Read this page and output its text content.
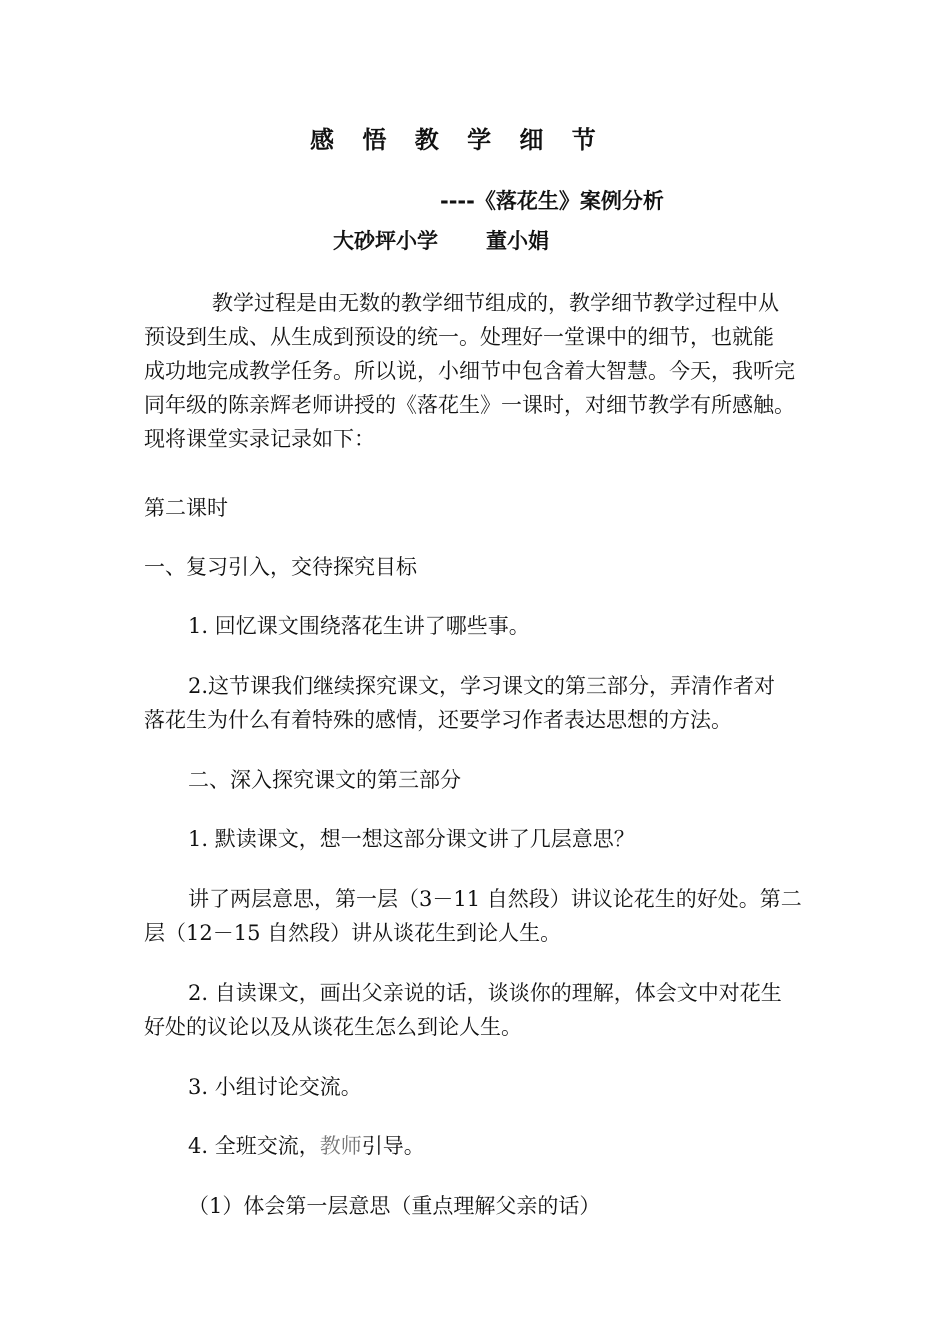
感 悟 教 学 细 节
----《落花生》案例分析
大砂坪小学 董小娟
教学过程是由无数的教学细节组成的，教学细节教学过程中从
预设到生成、从生成到预设的统一。处理好一堂课中的细节，也就能
成功地完成教学任务。所以说，小细节中包含着大智慧。今天，我听完
同年级的陈亲辉老师讲授的《落花生》一课时，对细节教学有所感触。
现将课堂实录记录如下：
第二课时
一、复习引入，交待探究目标
1. 回忆课文围绕落花生讲了哪些事。
2.这节课我们继续探究课文，学习课文的第三部分，弄清作者对
落花生为什么有着特殊的感情，还要学习作者表达思想的方法。
二、深入探究课文的第三部分
1. 默读课文，想一想这部分课文讲了几层意思？
讲了两层意思，第一层（3－11 自然段）讲议论花生的好处。第二
层（12－15 自然段）讲从谈花生到论人生。
2. 自读课文，画出父亲说的话，谈谈你的理解，体会文中对花生
好处的议论以及从谈花生怎么到论人生。
3. 小组讨论交流。
4. 全班交流，教师引导。
（1）体会第一层意思（重点理解父亲的话）
